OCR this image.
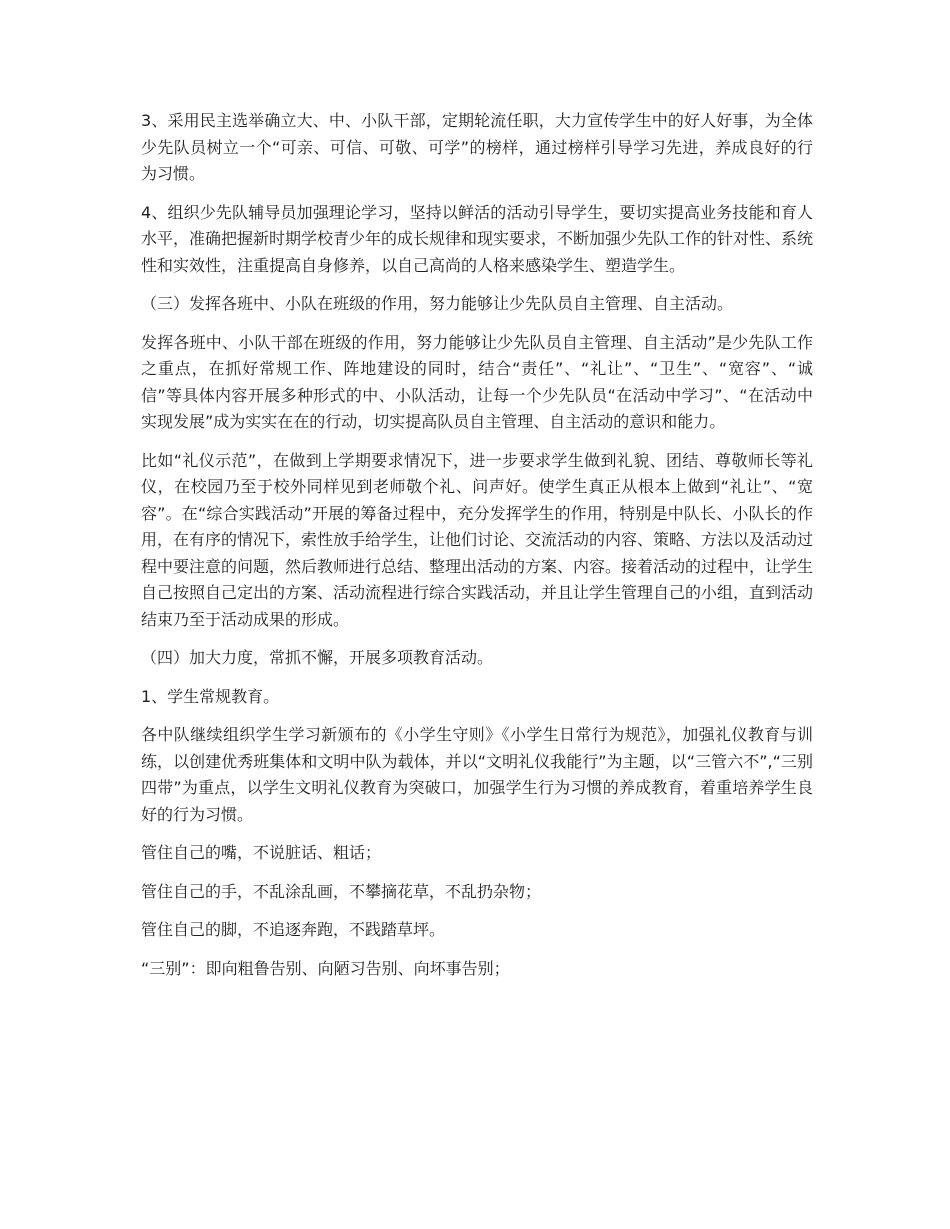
3、采用民主选举确立大、中、小队干部，定期轮流任职，大力宣传学生中的好人好事，为全体少先队员树立一个“可亲、可信、可敬、可学”的榜样，通过榜样引导学习先进，养成良好的行为习惯。

4、组织少先队辅导员加强理论学习，坚持以鲜活的活动引导学生，要切实提高业务技能和育人水平，准确把握新时期学校青少年的成长规律和现实要求，不断加强少先队工作的针对性、系统性和实效性，注重提高自身修养，以自己高尚的人格来感染学生、塑造学生。

（三）发挥各班中、小队在班级的作用，努力能够让少先队员自主管理、自主活动。

发挥各班中、小队干部在班级的作用，努力能够让少先队员自主管理、自主活动”是少先队工作之重点，在抓好常规工作、阵地建设的同时，结合“责任”、“礼让”、“卫生”、“宽容”、“诚信”等具体内容开展多种形式的中、小队活动，让每一个少先队员“在活动中学习”、“在活动中实现发展”成为实实在在的行动，切实提高队员自主管理、自主活动的意识和能力。

比如“礼仪示范”，在做到上学期要求情况下，进一步要求学生做到礼貌、团结、尊敬师长等礼仪，在校园乃至于校外同样见到老师敬个礼、问声好。使学生真正从根本上做到“礼让”、“宽容”。在“综合实践活动”开展的筹备过程中，充分发挥学生的作用，特别是中队长、小队长的作用，在有序的情况下，索性放手给学生，让他们讨论、交流活动的内容、策略、方法以及活动过程中要注意的问题，然后教师进行总结、整理出活动的方案、内容。接着活动的过程中，让学生自己按照自己定出的方案、活动流程进行综合实践活动，并且让学生管理自己的小组，直到活动结束乃至于活动成果的形成。

（四）加大力度，常抓不懈，开展多项教育活动。

1、学生常规教育。

各中队继续组织学生学习新颁布的《小学生守则》《小学生日常行为规范》，加强礼仪教育与训练，以创建优秀班集体和文明中队为载体，并以“文明礼仪我能行”为主题，以“三管六不”,“三别四带”为重点，以学生文明礼仪教育为突破口，加强学生行为习惯的养成教育，着重培养学生良好的行为习惯。

管住自己的嘴，不说脏话、粗话；

管住自己的手，不乱涂乱画，不攀摘花草，不乱扔杂物；

管住自己的脚，不追逐奔跑，不践踏草坪。

“三别”：即向粗鲁告别、向陋习告别、向坏事告别；
